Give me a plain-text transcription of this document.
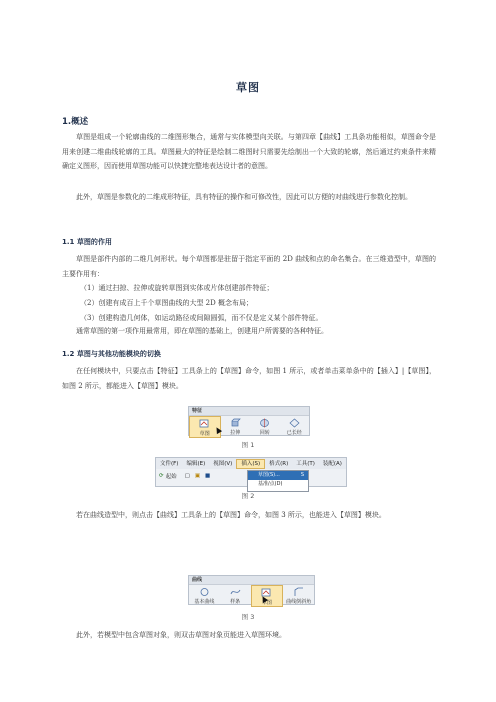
草图
1.概述
草图是组成一个轮廓曲线的二维图形集合，通常与实体模型向关联。与第四章【曲线】工具条功能相似，草图命令是用来创建二维曲线轮廓的工具。草图最大的特征是绘制二维图时只需要先绘制出一个大致的轮廓，然后通过约束条件来精确定义图形，因而使用草图功能可以快捷完整地表达设计者的意图。
此外，草图是参数化的二维成形特征，具有特征的操作和可修改性，因此可以方便的对曲线进行参数化控制。
1.1 草图的作用
草图是部件内部的二维几何形状。每个草图都是驻留于指定平面的 2D 曲线和点的命名集合。在三维造型中，草图的主要作用有：
（1）通过扫掠、拉伸或旋转草图到实体或片体创建部件特征；
（2）创建有成百上千个草图曲线的大型 2D 概念布局；
（3）创建构造几何体，如运动路径或间隙圆弧，而不仅是定义某个部件特征。
通常草图的第一项作用最常用，即在草图的基础上，创建用户所需要的各种特征。
1.2 草图与其他功能模块的切换
在任何模块中，只要点击【特征】工具条上的【草图】命令，如图 1 所示，或者单击菜单条中的【插入】|【草图】，如图 2 所示，都能进入【草图】模块。
特征
草图	拉伸	回转	已长经
图 1
文件(F) 编辑(E) 视图(V) 插入(S) 格式(R) 工具(T) 装配(A)
⟳ 起始 ▢ ▣ ■	草图(S)...	S
基准/点(D)
图 2
若在曲线造型中，则点击【曲线】工具条上的【草图】命令，如图 3 所示，也能进入【草图】模块。
曲线
基本曲线	样条	草图	曲线倒斜角
图 3
此外，若模型中包含草图对象，则双击草图对象页能进入草图环境。
